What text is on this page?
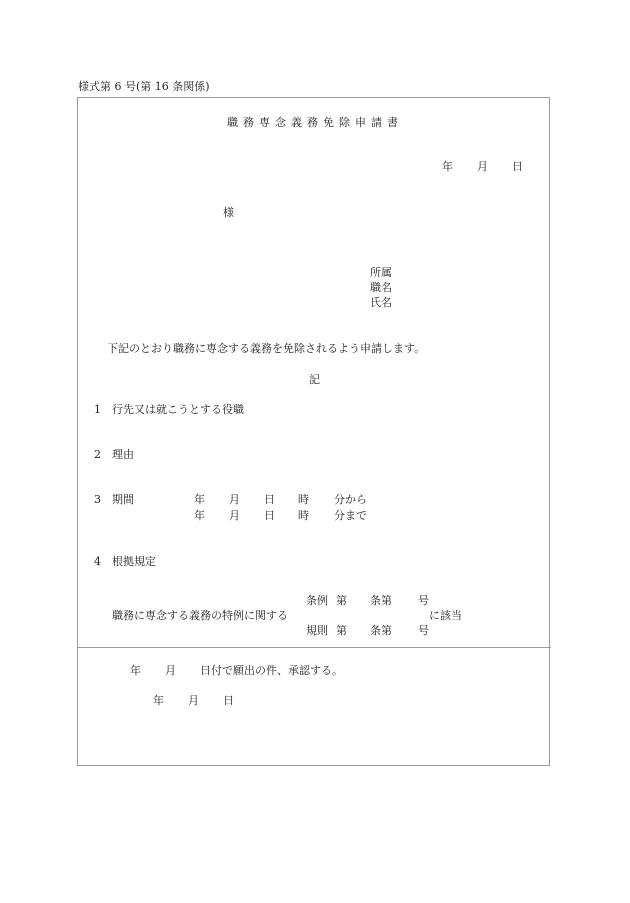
様式第 6 号(第 16 条関係)
職務専念義務免除申請書
年 月 日
様
所属
職名
氏名
下記のとおり職務に専念する義務を免除されるよう申請します。
記
1 行先又は就こうとする役職
2 理由
3 期間	年 月 日 時 分から
年 月 日 時 分まで
4 根拠規定
条例 第 条第 号
職務に専念する義務の特例に関する	に該当
規則 第 条第 号
年 月 日付で願出の件、承認する。
年 月 日
